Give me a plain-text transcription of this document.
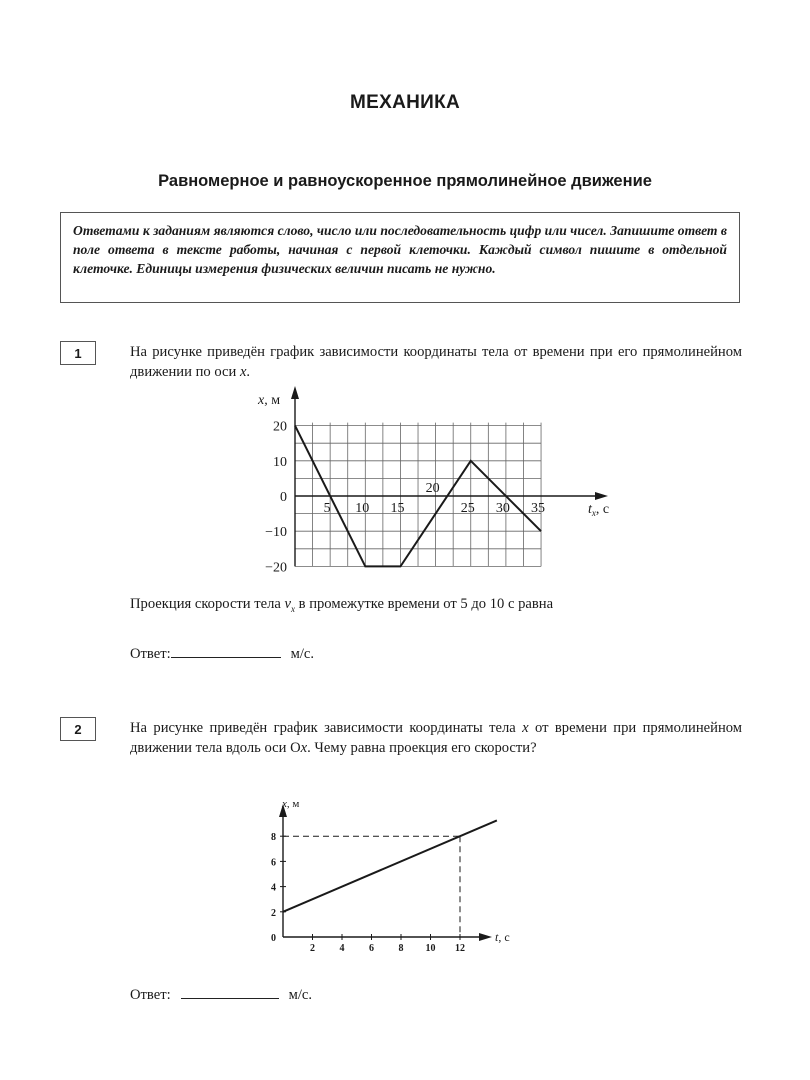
МЕХАНИКА
Равномерное и равноускоренное прямолинейное движение
Ответами к заданиям являются слово, число или последовательность цифр или чисел. Запишите ответ в поле ответа в тексте работы, начиная с первой клеточки. Каждый символ пишите в отдельной клеточке. Единицы измерения физических величин писать не нужно.
1	На рисунке приведён график зависимости координаты тела от времени при его прямолинейном движении по оси x.
20
10
0
−10
−20
5 10 15
20
25 30 35
x, м
$t_x$, с
Проекция скорости тела $v_x$ в промежутке времени от 5 до 10 с равна
Ответ:	м/с.
2	На рисунке приведён график зависимости координаты тела x от времени при прямолинейном движении тела вдоль оси Оx. Чему равна проекция его скорости?
2 4 6 8 10 12
0
2
4
6
8
x, м
t, с
Ответ:	м/с.
